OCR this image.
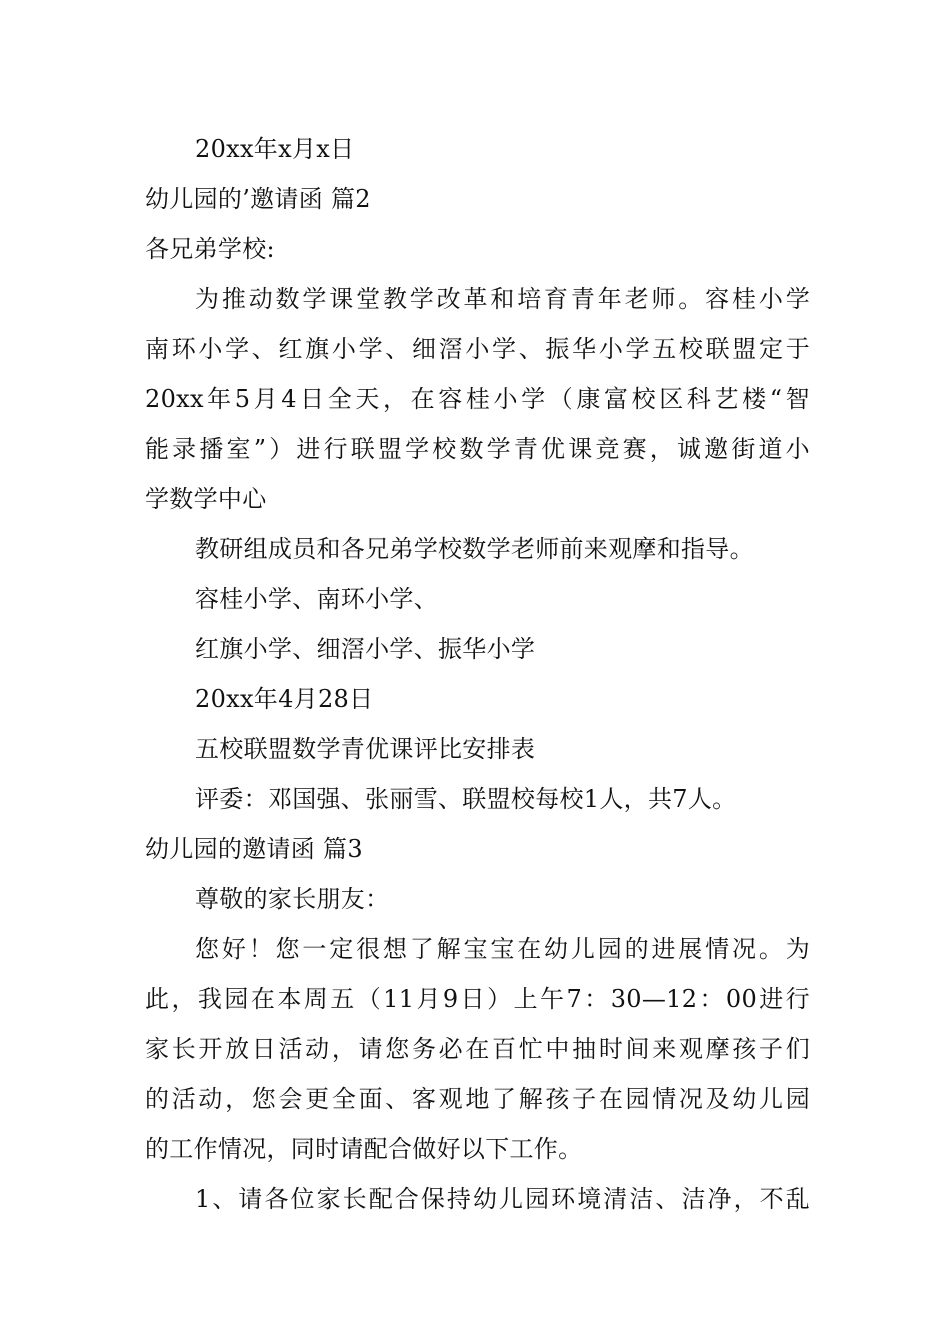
20xx年x月x日
幼儿园的’邀请函 篇2
各兄弟学校:
为推动数学课堂教学改革和培育青年老师。容桂小学
南环小学、红旗小学、细滘小学、振华小学五校联盟定于
20xx年5月4日全天，在容桂小学（康富校区科艺楼“智
能录播室”）进行联盟学校数学青优课竞赛，诚邀街道小
学数学中心
教研组成员和各兄弟学校数学老师前来观摩和指导。
容桂小学、南环小学、
红旗小学、细滘小学、振华小学
20xx年4月28日
五校联盟数学青优课评比安排表
评委：邓国强、张丽雪、联盟校每校1人，共7人。
幼儿园的邀请函 篇3
尊敬的家长朋友：
您好！您一定很想了解宝宝在幼儿园的进展情况。为
此，我园在本周五（11月9日）上午7：30—12：00进行
家长开放日活动，请您务必在百忙中抽时间来观摩孩子们
的活动，您会更全面、客观地了解孩子在园情况及幼儿园
的工作情况，同时请配合做好以下工作。
1、请各位家长配合保持幼儿园环境清洁、洁净，不乱
